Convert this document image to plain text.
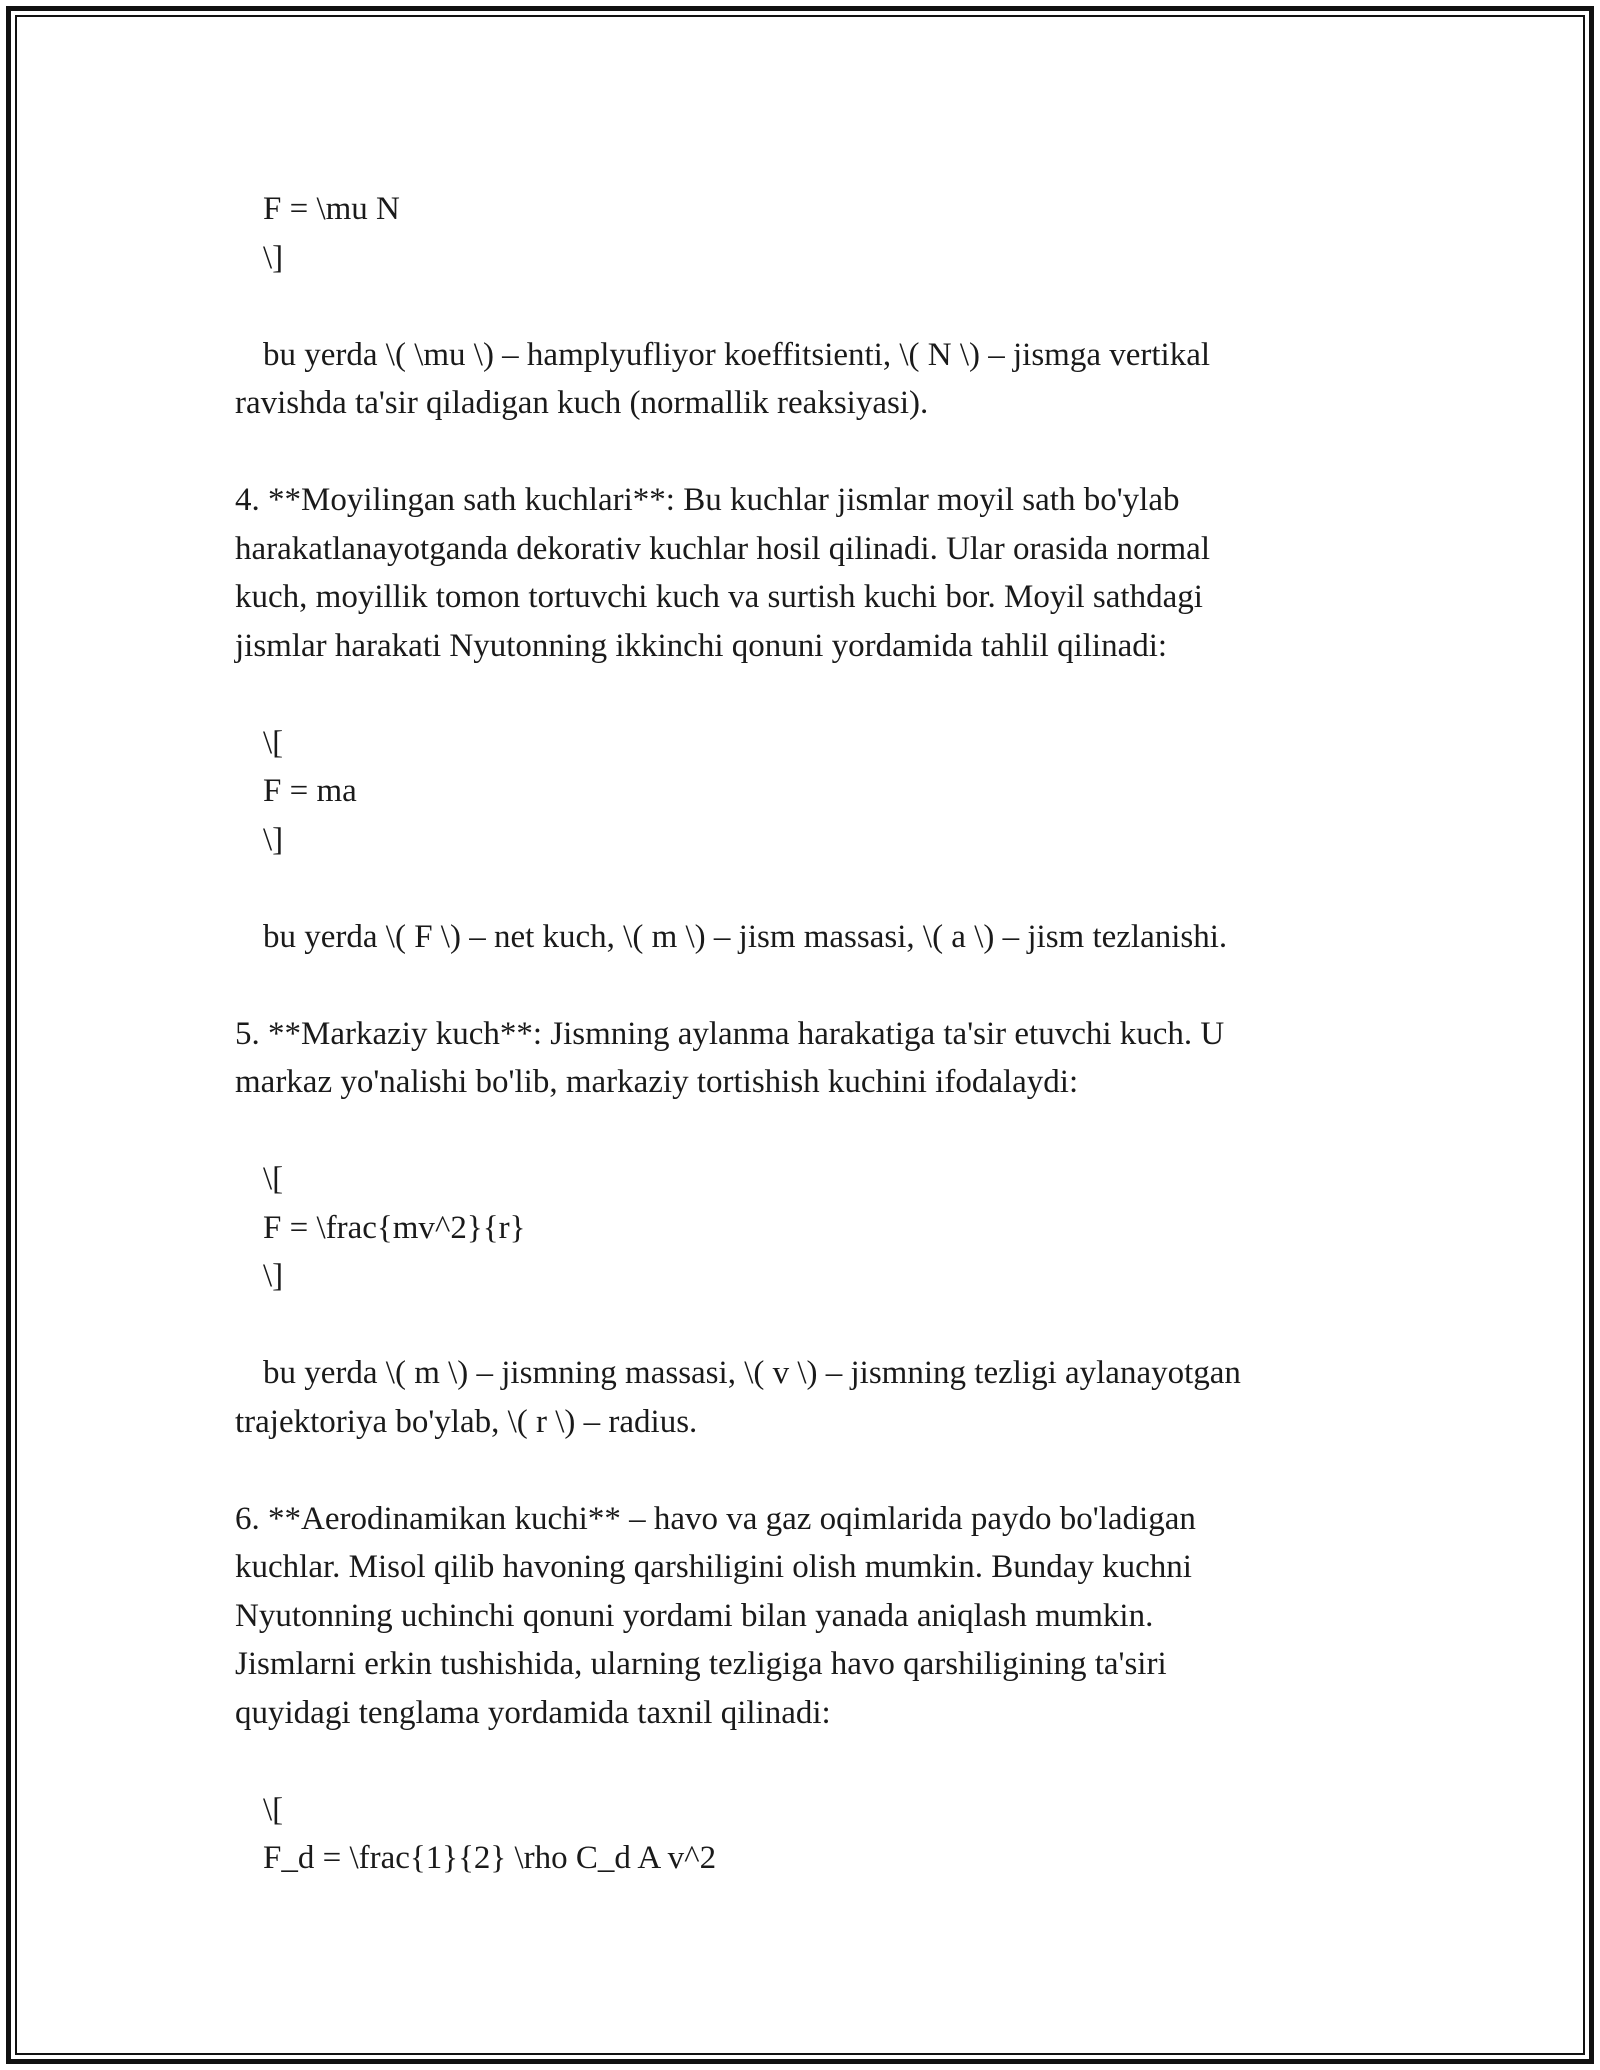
F = \mu N
\]
bu yerda \( \mu \) – hamplyufliyor koeffitsienti, \( N \) – jismga vertikal
ravishda ta'sir qiladigan kuch (normallik reaksiyasi).
4. **Moyilingan sath kuchlari**: Bu kuchlar jismlar moyil sath bo'ylab
harakatlanayotganda dekorativ kuchlar hosil qilinadi. Ular orasida normal
kuch, moyillik tomon tortuvchi kuch va surtish kuchi bor. Moyil sathdagi
jismlar harakati Nyutonning ikkinchi qonuni yordamida tahlil qilinadi:
\[
F = ma
\]
bu yerda \( F \) – net kuch, \( m \) – jism massasi, \( a \) – jism tezlanishi.
5. **Markaziy kuch**: Jismning aylanma harakatiga ta'sir etuvchi kuch. U
markaz yo'nalishi bo'lib, markaziy tortishish kuchini ifodalaydi:
\[
F = \frac{mv^2}{r}
\]
bu yerda \( m \) – jismning massasi, \( v \) – jismning tezligi aylanayotgan
trajektoriya bo'ylab, \( r \) – radius.
6. **Aerodinamikan kuchi** – havo va gaz oqimlarida paydo bo'ladigan
kuchlar. Misol qilib havoning qarshiligini olish mumkin. Bunday kuchni
Nyutonning uchinchi qonuni yordami bilan yanada aniqlash mumkin.
Jismlarni erkin tushishida, ularning tezligiga havo qarshiligining ta'siri
quyidagi tenglama yordamida taxnil qilinadi:
\[
F_d = \frac{1}{2} \rho C_d A v^2
